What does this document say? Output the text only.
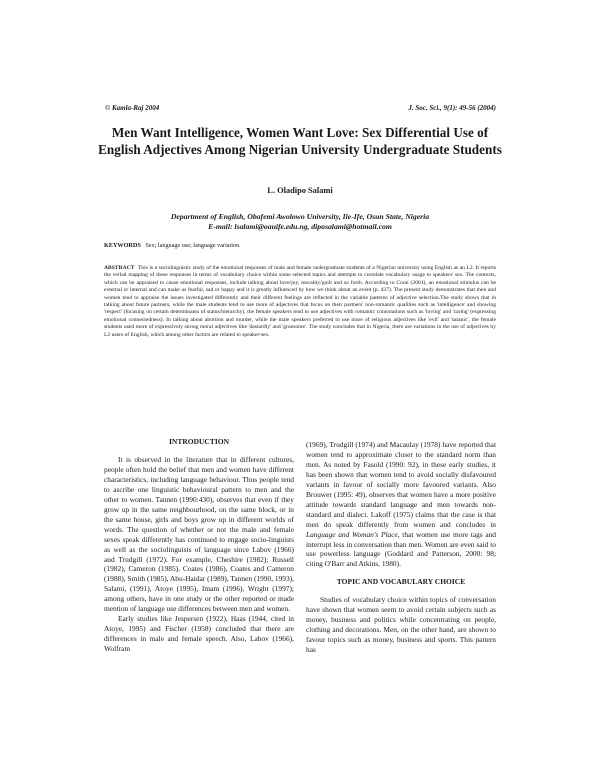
© Kamla-Raj 2004	J. Soc. Sci., 9(1): 49-56 (2004)
Men Want Intelligence, Women Want Love: Sex Differential Use of English Adjectives Among Nigerian University Undergraduate Students
L. Oladipo Salami
Department of English, Obafemi Awolowo University, Ile-Ife, Osun State, Nigeria
E-mail: lsalami@oauife.edu.ng, diposalami@hotmail.com
KEYWORDS Sex; language use; language variation.

ABSTRACT This is a sociolinguistic study of the emotional responses of male and female undergraduate students of a Nigerian university using English as an L2. It reports the verbal mapping of these responses in terms of vocabulary choice within some selected topics and attempts to correlate vocabulary usage to speakers' sex. The contexts, which can be appraised to cause emotional responses, include talking about love/joy, morality/guilt and so forth. According to Coon (2001), an emotional stimulus can be external or internal and can make us fearful, sad or happy and it is greatly influenced by how we think about an event (p. 437). The present study demonstrates that men and women tend to appraise the issues investigated differently and their different feelings are reflected in the variable patterns of adjective selection.The study shows that in talking about future partners, while the male students tend to use more of adjectives that focus on their partners' non-romantic qualities such as 'intelligence' and showing 'respect' (focusing on certain determinants of status/hierarchy), the female speakers tend to use adjectives with romantic connotations such as 'loving' and 'caring' (expressing emotional connectedness). In talking about abortion and murder, while the male speakers preferred to use more of religious adjectives like 'evil' and 'satanic', the female students used more of expressively strong moral adjectives like 'dastardly' and 'gruesome'. The study concludes that in Nigeria, there are variations in the use of adjectives by L2 users of English, which among other factors are related to speaker-sex.

INTRODUCTION

It is observed in the literature that in different cultures, people often hold the belief that men and women have different characteristics, including language behaviour. Thus people tend to ascribe one linguistic behavioural pattern to men and the other to women. Tannen (1990:430), observes that even if they grow up in the same neighbourhood, on the same block, or in the same house, girls and boys grow up in different worlds of words. The question of whether or not the male and female sexes speak differently has continued to engage socio-linguists as well as the sociolinguists of language since Labov (1966) and Trudgill (1972). For example, Cheshire (1982); Russell (1982), Cameron (1985), Coates (1986), Coates and Cameron (1988), Smith (1985), Abu-Haidar (1989), Tannen (1990, 1993), Salami, (1991), Atoye (1995), Imam (1996), Wright (1997); among others, have in one study or the other reported or made mention of language use differences between men and women.

Early studies like Jespersen (1922), Haas (1944, cited in Atoye, 1995) and Fischer (1958) concluded that there are differences in male and female speech. Also, Labov (1966), Wolfram

(1969), Trudgill (1974) and Macaulay (1978) have reported that women tend to approximate closer to the standard norm than men. As noted by Fasold (1990: 92), in these early studies, it has been shown that women tend to avoid socially disfavoured variants in favour of socially more favoured variants. Also Brouwer (1995: 49), observes that women have a more positive attitude towards standard language and men towards non-standard and dialect. Lakoff (1975) claims that the case is that men do speak differently from women and concludes in Language and Woman's Place, that women use more tags and interrupt less in conversation than men. Women are even said to use powerless language (Goddard and Patterson, 2000: 98; citing O'Barr and Atkins, 1980).

TOPIC AND VOCABULARY CHOICE

Studies of vocabulary choice within topics of conversation have shown that women seem to avoid certain subjects such as money, business and politics while concentrating on people, clothing and decorations. Men, on the other hand, are shown to favour topics such as money, business and sports. This pattern has
